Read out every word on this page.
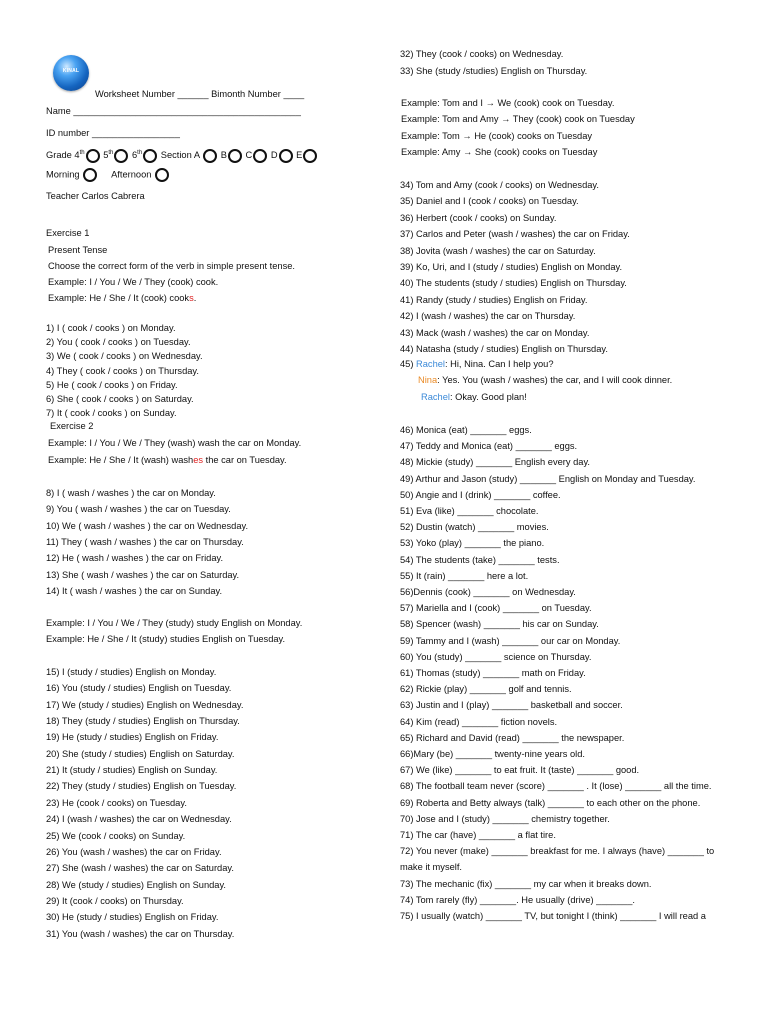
KINAL
Worksheet Number ______ Bimonth Number ____
Name ____________________________________________
ID number _________________
Grade 4th 5th 6th Section A B C D E
Morning	Afternoon
Teacher Carlos Cabrera
Exercise 1
Present Tense
Choose the correct form of the verb in simple present tense.
Example: I / You / We / They (cook) cook.
Example: He / She / It (cook) cooks.
1) I ( cook / cooks ) on Monday.
2) You ( cook / cooks ) on Tuesday.
3) We ( cook / cooks ) on Wednesday.
4) They ( cook / cooks ) on Thursday.
5) He ( cook / cooks ) on Friday.
6) She ( cook / cooks ) on Saturday.
7) It ( cook / cooks ) on Sunday.
Exercise 2
Example: I / You / We / They (wash) wash the car on Monday.
Example: He / She / It (wash) washes the car on Tuesday.
8) I ( wash / washes ) the car on Monday.
9) You ( wash / washes ) the car on Tuesday.
10) We ( wash / washes ) the car on Wednesday.
11) They ( wash / washes ) the car on Thursday.
12) He ( wash / washes ) the car on Friday.
13) She ( wash / washes ) the car on Saturday.
14) It ( wash / washes ) the car on Sunday.
Example: I / You / We / They (study) study English on Monday.
Example: He / She / It (study) studies English on Tuesday.
15) I (study / studies) English on Monday.
16) You (study / studies) English on Tuesday.
17) We (study / studies) English on Wednesday.
18) They (study / studies) English on Thursday.
19) He (study / studies) English on Friday.
20) She (study / studies) English on Saturday.
21) It (study / studies) English on Sunday.
22) They (study / studies) English on Tuesday.
23) He (cook / cooks) on Tuesday.
24) I (wash / washes) the car on Wednesday.
25) We (cook / cooks) on Sunday.
26) You (wash / washes) the car on Friday.
27) She (wash / washes) the car on Saturday.
28) We (study / studies) English on Sunday.
29) It (cook / cooks) on Thursday.
30) He (study / studies) English on Friday.
31) You (wash / washes) the car on Thursday.
32) They (cook / cooks) on Wednesday.
33) She (study /studies) English on Thursday.
Example: Tom and I → We (cook) cook on Tuesday.
Example: Tom and Amy → They (cook) cook on Tuesday
Example: Tom → He (cook) cooks on Tuesday
Example: Amy → She (cook) cooks on Tuesday
34) Tom and Amy (cook / cooks) on Wednesday.
35) Daniel and I (cook / cooks) on Tuesday.
36) Herbert (cook / cooks) on Sunday.
37) Carlos and Peter (wash / washes) the car on Friday.
38) Jovita (wash / washes) the car on Saturday.
39) Ko, Uri, and I (study / studies) English on Monday.
40) The students (study / studies) English on Thursday.
41) Randy (study / studies) English on Friday.
42) I (wash / washes) the car on Thursday.
43) Mack (wash / washes) the car on Monday.
44) Natasha (study / studies) English on Thursday.
45) Rachel: Hi, Nina. Can I help you?
Nina: Yes. You (wash / washes) the car, and I will cook dinner.
Rachel: Okay. Good plan!
46) Monica (eat) _______ eggs.
47) Teddy and Monica (eat) _______ eggs.
48) Mickie (study) _______ English every day.
49) Arthur and Jason (study) _______ English on Monday and Tuesday.
50) Angie and I (drink) _______ coffee.
51) Eva (like) _______ chocolate.
52) Dustin (watch) _______ movies.
53) Yoko (play) _______ the piano.
54) The students (take) _______ tests.
55) It (rain) _______ here a lot.
56)Dennis (cook) _______ on Wednesday.
57) Mariella and I (cook) _______ on Tuesday.
58) Spencer (wash) _______ his car on Sunday.
59) Tammy and I (wash) _______ our car on Monday.
60) You (study) _______ science on Thursday.
61) Thomas (study) _______ math on Friday.
62) Rickie (play) _______ golf and tennis.
63) Justin and I (play) _______ basketball and soccer.
64) Kim (read) _______ fiction novels.
65) Richard and David (read) _______ the newspaper.
66)Mary (be) _______ twenty-nine years old.
67) We (like) _______ to eat fruit. It (taste) _______ good.
68) The football team never (score) _______ . It (lose) _______ all the time.
69) Roberta and Betty always (talk) _______ to each other on the phone.
70) Jose and I (study) _______ chemistry together.
71) The car (have) _______ a flat tire.
72) You never (make) _______ breakfast for me. I always (have) _______ to
make it myself.
73) The mechanic (fix) _______ my car when it breaks down.
74) Tom rarely (fly) _______. He usually (drive) _______.
75) I usually (watch) _______ TV, but tonight I (think) _______ I will read a
